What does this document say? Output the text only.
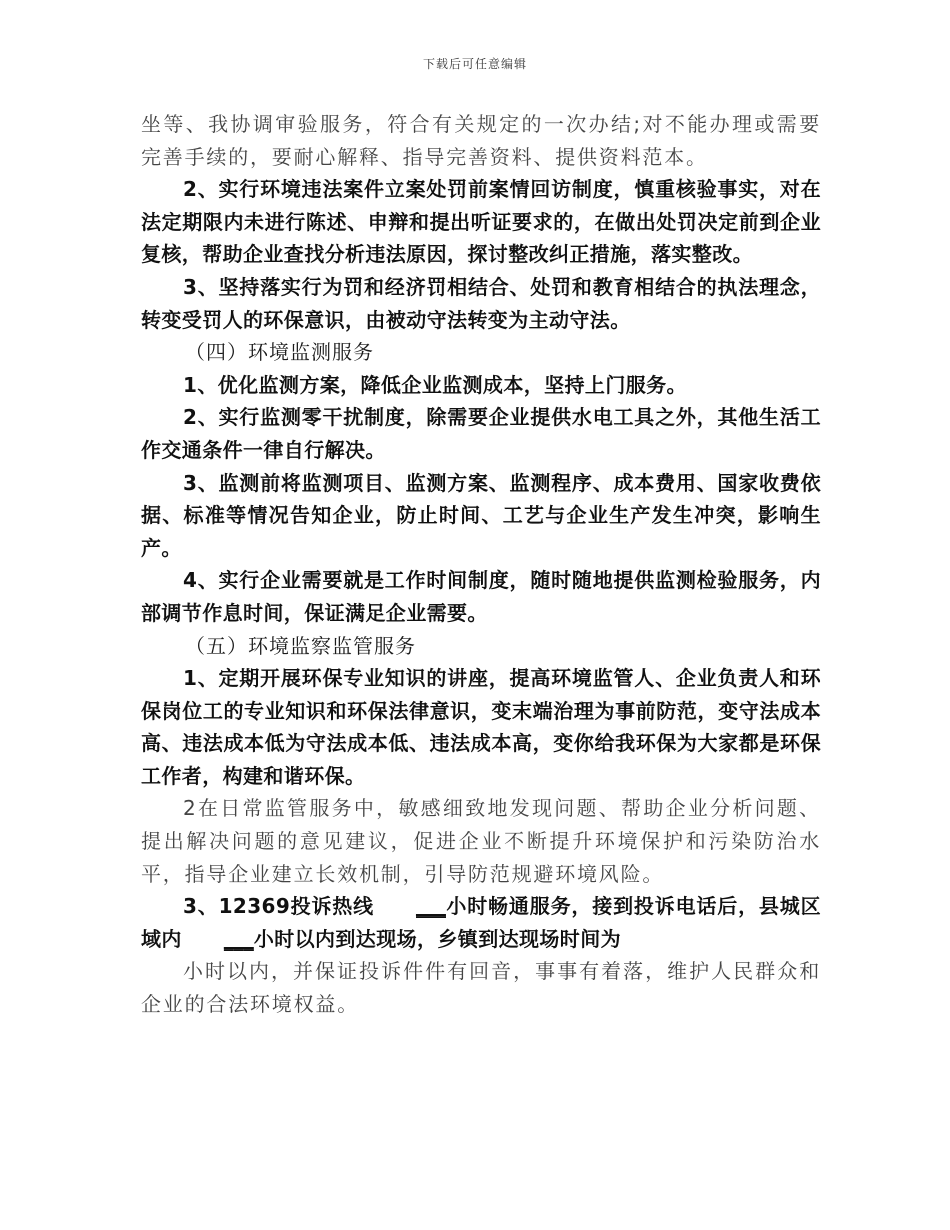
下载后可任意编辑

坐等、我协调审验服务，符合有关规定的一次办结;对不能办理或需要完善手续的，要耐心解释、指导完善资料、提供资料范本。

2、实行环境违法案件立案处罚前案情回访制度，慎重核验事实，对在法定期限内未进行陈述、申辩和提出听证要求的，在做出处罚决定前到企业复核，帮助企业查找分析违法原因，探讨整改纠正措施，落实整改。

3、坚持落实行为罚和经济罚相结合、处罚和教育相结合的执法理念，转变受罚人的环保意识，由被动守法转变为主动守法。

（四）环境监测服务

1、优化监测方案，降低企业监测成本，坚持上门服务。

2、实行监测零干扰制度，除需要企业提供水电工具之外，其他生活工作交通条件一律自行解决。

3、监测前将监测项目、监测方案、监测程序、成本费用、国家收费依据、标准等情况告知企业，防止时间、工艺与企业生产发生冲突，影响生产。

4、实行企业需要就是工作时间制度，随时随地提供监测检验服务，内部调节作息时间，保证满足企业需要。

（五）环境监察监管服务

1、定期开展环保专业知识的讲座，提高环境监管人、企业负责人和环保岗位工的专业知识和环保法律意识，变末端治理为事前防范，变守法成本高、违法成本低为守法成本低、违法成本高，变你给我环保为大家都是环保工作者，构建和谐环保。

2在日常监管服务中，敏感细致地发现问题、帮助企业分析问题、提出解决问题的意见建议，促进企业不断提升环境保护和污染防治水平，指导企业建立长效机制，引导防范规避环境风险。

3、12369投诉热线 ___小时畅通服务，接到投诉电话后，县城区域内 ___小时以内到达现场，乡镇到达现场时间为

小时以内，并保证投诉件件有回音，事事有着落，维护人民群众和企业的合法环境权益。
